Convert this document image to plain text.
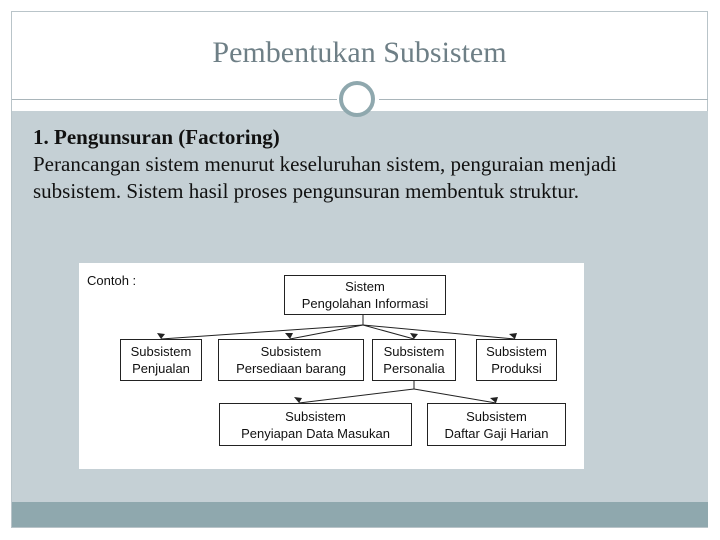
Pembentukan Subsistem
1. Pengunsuran (Factoring)
Perancangan sistem menurut keseluruhan sistem, penguraian menjadi subsistem. Sistem hasil proses pengunsuran membentuk struktur.
Contoh :	Sistem
Pengolahan Informasi
Subsistem
Penjualan
Subsistem
Persediaan barang
Subsistem
Personalia
Subsistem
Produksi
Subsistem
Penyiapan Data Masukan
Subsistem
Daftar Gaji Harian
